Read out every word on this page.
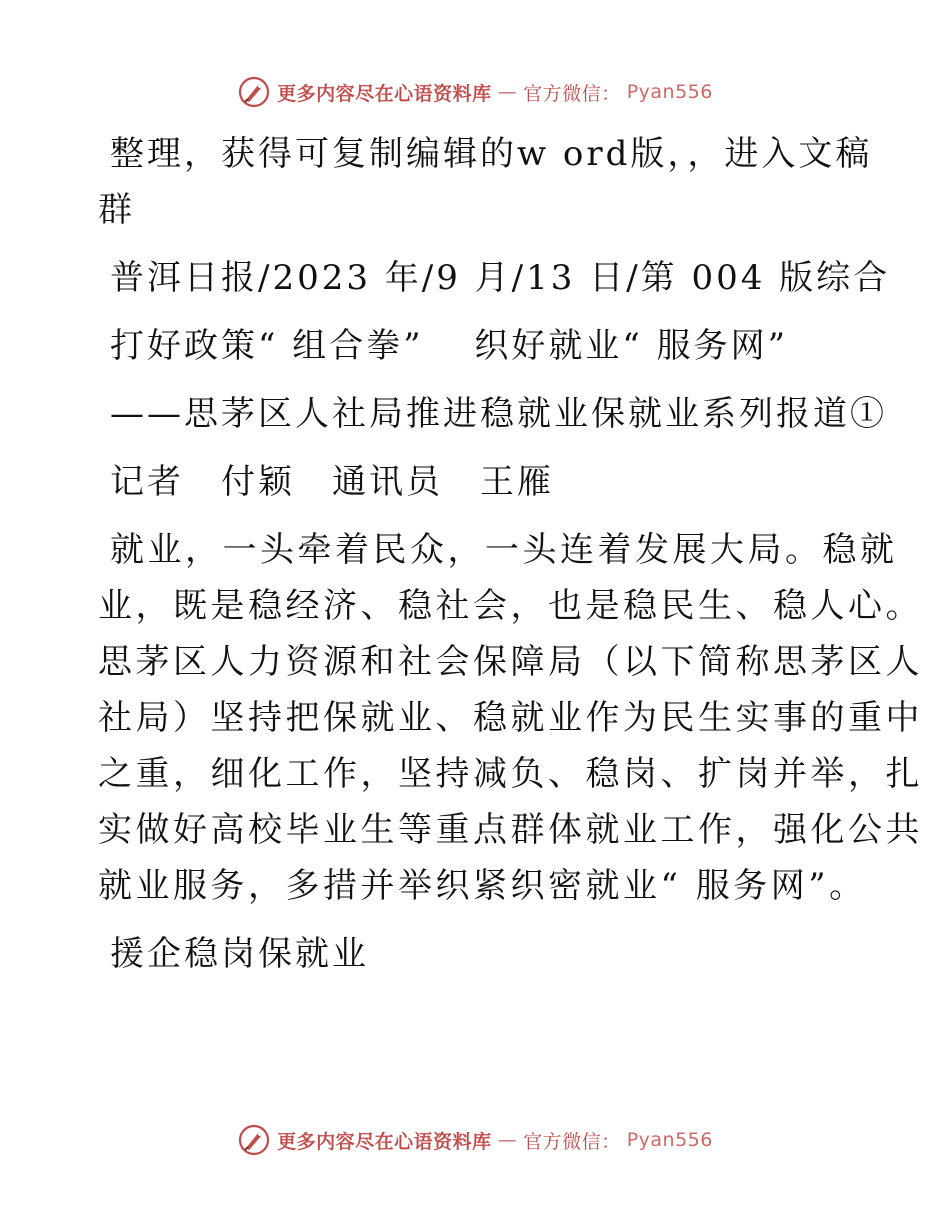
更多内容尽在心语资料库 — 官方微信： Pyan556

整理，获得可复制编辑的w ord版，，进入文稿

群

普洱日报/2023 年/9 月/13 日/第 004 版综合

打好政策“ 组合拳”　 织好就业“ 服务网”

——思茅区人社局推进稳就业保就业系列报道①

记者　付颖　通讯员　王雁

就业，一头牵着民众，一头连着发展大局。稳就

业，既是稳经济、稳社会，也是稳民生、稳人心。

思茅区人力资源和社会保障局（以下简称思茅区人

社局）坚持把保就业、稳就业作为民生实事的重中

之重，细化工作，坚持减负、稳岗、扩岗并举，扎

实做好高校毕业生等重点群体就业工作，强化公共

就业服务，多措并举织紧织密就业“ 服务网”。

援企稳岗保就业

更多内容尽在心语资料库 — 官方微信： Pyan556
